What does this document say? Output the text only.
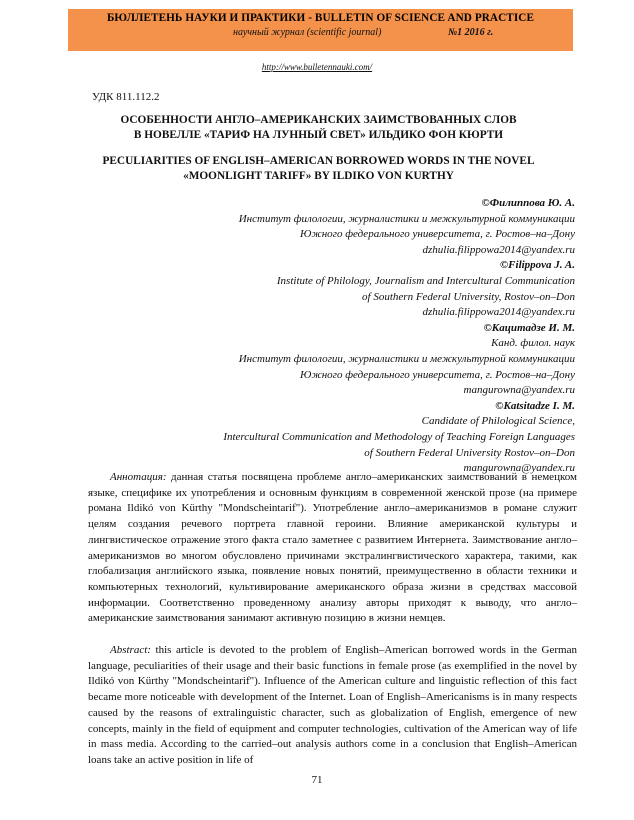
БЮЛЛЕТЕНЬ НАУКИ И ПРАКТИКИ - BULLETIN OF SCIENCE AND PRACTICE
научный журнал (scientific journal)	№1 2016 г.
http://www.bulletennauki.com/
УДК 811.112.2
ОСОБЕННОСТИ АНГЛО–АМЕРИКАНСКИХ ЗАИМСТВОВАННЫХ СЛОВ
В НОВЕЛЛЕ «ТАРИФ НА ЛУННЫЙ СВЕТ» ИЛЬДИКО ФОН КЮРТИ
PECULIARITIES OF ENGLISH–AMERICAN BORROWED WORDS IN THE NOVEL
«MOONLIGHT TARIFF» BY ILDIKO VON KURTHY
©Филиппова Ю. А.
Институт филологии, журналистики и межкультурной коммуникации
Южного федерального университета, г. Ростов–на–Дону
dzhulia.filippowa2014@yandex.ru
©Filippova J. A.
Institute of Philology, Journalism and Intercultural Communication
of Southern Federal University, Rostov–on–Don
dzhulia.filippowa2014@yandex.ru
©Кацитадзе И. М.
Канд. филол. наук
Институт филологии, журналистики и межкультурной коммуникации
Южного федерального университета, г. Ростов–на–Дону
mangurowna@yandex.ru
©Katsitadze I. M.
Candidate of Philological Science,
Intercultural Communication and Methodology of Teaching Foreign Languages
of Southern Federal University Rostov–on–Don
mangurowna@yandex.ru
Аннотация: данная статья посвящена проблеме англо–американских заимствований в немецком языке, специфике их употребления и основным функциям в современной женской прозе (на примере романа Ildikó von Kürthy "Mondscheintarif"). Употребление англо–американизмов в романе служит целям создания речевого портрета главной героини. Влияние американской культуры и лингвистическое отражение этого факта стало заметнее с развитием Интернета. Заимствование англо–американизмов во многом обусловлено причинами экстралингвистического характера, такими, как глобализация английского языка, появление новых понятий, преимущественно в области техники и компьютерных технологий, культивирование американского образа жизни в средствах массовой информации. Соответственно проведенному анализу авторы приходят к выводу, что англо–американские заимствования занимают активную позицию в жизни немцев.
Abstract: this article is devoted to the problem of English–American borrowed words in the German language, peculiarities of their usage and their basic functions in female prose (as exemplified in the novel by Ildikó von Kürthy "Mondscheintarif"). Influence of the American culture and linguistic reflection of this fact became more noticeable with development of the Internet. Loan of English–Americanisms is in many respects caused by the reasons of extralinguistic character, such as globalization of English, emergence of new concepts, mainly in the field of equipment and computer technologies, cultivation of the American way of life in mass media. According to the carried–out analysis authors come in a conclusion that English–American loans take an active position in life of
71
